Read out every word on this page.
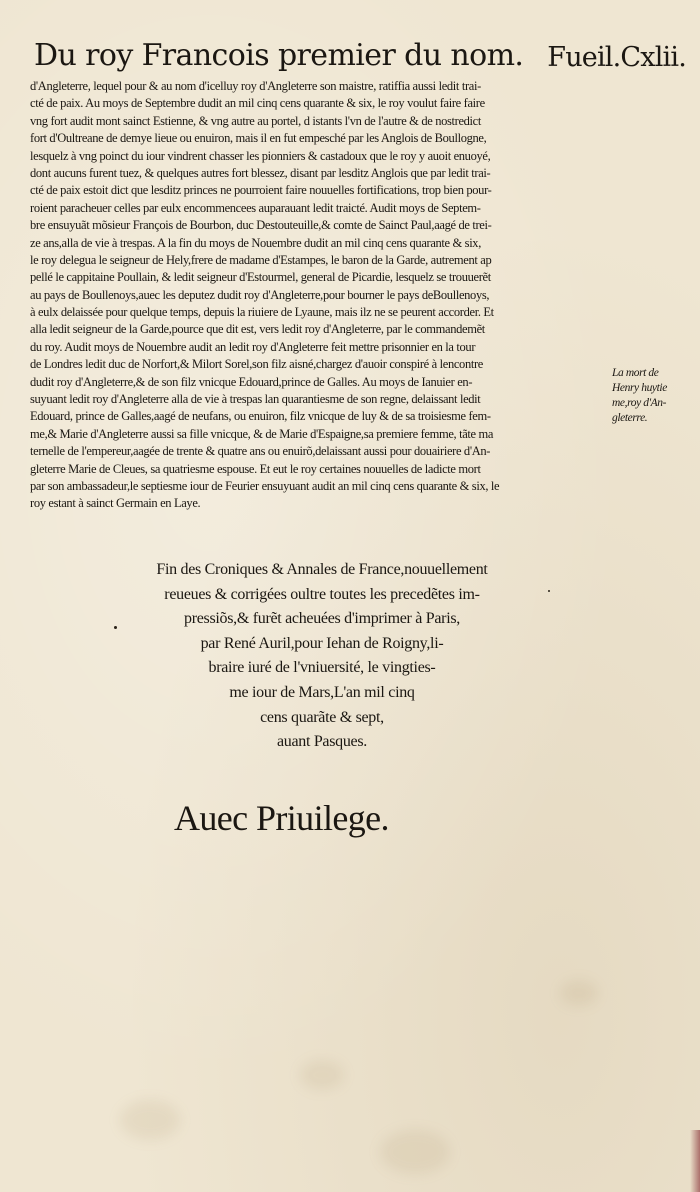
Du roy Francois premier du nom. Fueil.Cxlii.
d'Angleterre, lequel pour & au nom d'icelluy roy d'Angleterre son maistre, ratiffia aussi ledit trai-
cté de paix. Au moys de Septembre dudit an mil cinq cens quarante & six, le roy voulut faire faire
vng fort audit mont sainct Estienne, & vng autre au portel, d istants l'vn de l'autre & de nostredict
fort d'Oultreane de demye lieue ou enuiron, mais il en fut empesché par les Anglois de Boullogne,
lesquelz à vng poinct du iour vindrent chasser les pionniers & castadoux que le roy y auoit enuoyé,
dont aucuns furent tuez, & quelques autres fort blessez, disant par lesditz Anglois que par ledit trai-
cté de paix estoit dict que lesditz princes ne pourroient faire nouuelles fortifications, trop bien pour-
roient paracheuer celles par eulx encommencees auparauant ledit traicté. Audit moys de Septem-
bre ensuyuãt mõsieur François de Bourbon, duc Destouteuille,& comte de Sainct Paul,aagé de trei-
ze ans,alla de vie à trespas. A la fin du moys de Nouembre dudit an mil cinq cens quarante & six,
le roy delegua le seigneur de Hely,frere de madame d'Estampes, le baron de la Garde, autrement ap
pellé le cappitaine Poullain, & ledit seigneur d'Estourmel, general de Picardie, lesquelz se trouuerẽt
au pays de Boullenoys,auec les deputez dudit roy d'Angleterre,pour bourner le pays deBoullenoys,
à eulx delaissée pour quelque temps, depuis la riuiere de Lyaune, mais ilz ne se peurent accorder. Et
alla ledit seigneur de la Garde,pource que dit est, vers ledit roy d'Angleterre, par le commandemẽt
du roy. Audit moys de Nouembre audit an ledit roy d'Angleterre feit mettre prisonnier en la tour
de Londres ledit duc de Norfort,& Milort Sorel,son filz aisné,chargez d'auoir conspiré à lencontre
dudit roy d'Angleterre,& de son filz vnicque Edouard,prince de Galles. Au moys de Ianuier en-
suyuant ledit roy d'Angleterre alla de vie à trespas lan quarantiesme de son regne, delaissant ledit
Edouard, prince de Galles,aagé de neufans, ou enuiron, filz vnicque de luy & de sa troisiesme fem-
me,& Marie d'Angleterre aussi sa fille vnicque, & de Marie d'Espaigne,sa premiere femme, tãte ma
ternelle de l'empereur,aagée de trente & quatre ans ou enuirõ,delaissant aussi pour douairiere d'An-
gleterre Marie de Cleues, sa quatriesme espouse. Et eut le roy certaines nouuelles de ladicte mort
par son ambassadeur,le septiesme iour de Feurier ensuyuant audit an mil cinq cens quarante & six, le
roy estant à sainct Germain en Laye.
La mort de
Henry huytie
me,roy d'An-
gleterre.
Fin des Croniques & Annales de France,nouuellement
reueues & corrigées oultre toutes les precedẽtes im-
pressiõs,& furẽt acheuées d'imprimer à Paris,
par René Auril,pour Iehan de Roigny,li-
braire iuré de l'vniuersité, le vingties-
me iour de Mars,L'an mil cinq
cens quarãte & sept,
auant Pasques.
Auec Priuilege.
